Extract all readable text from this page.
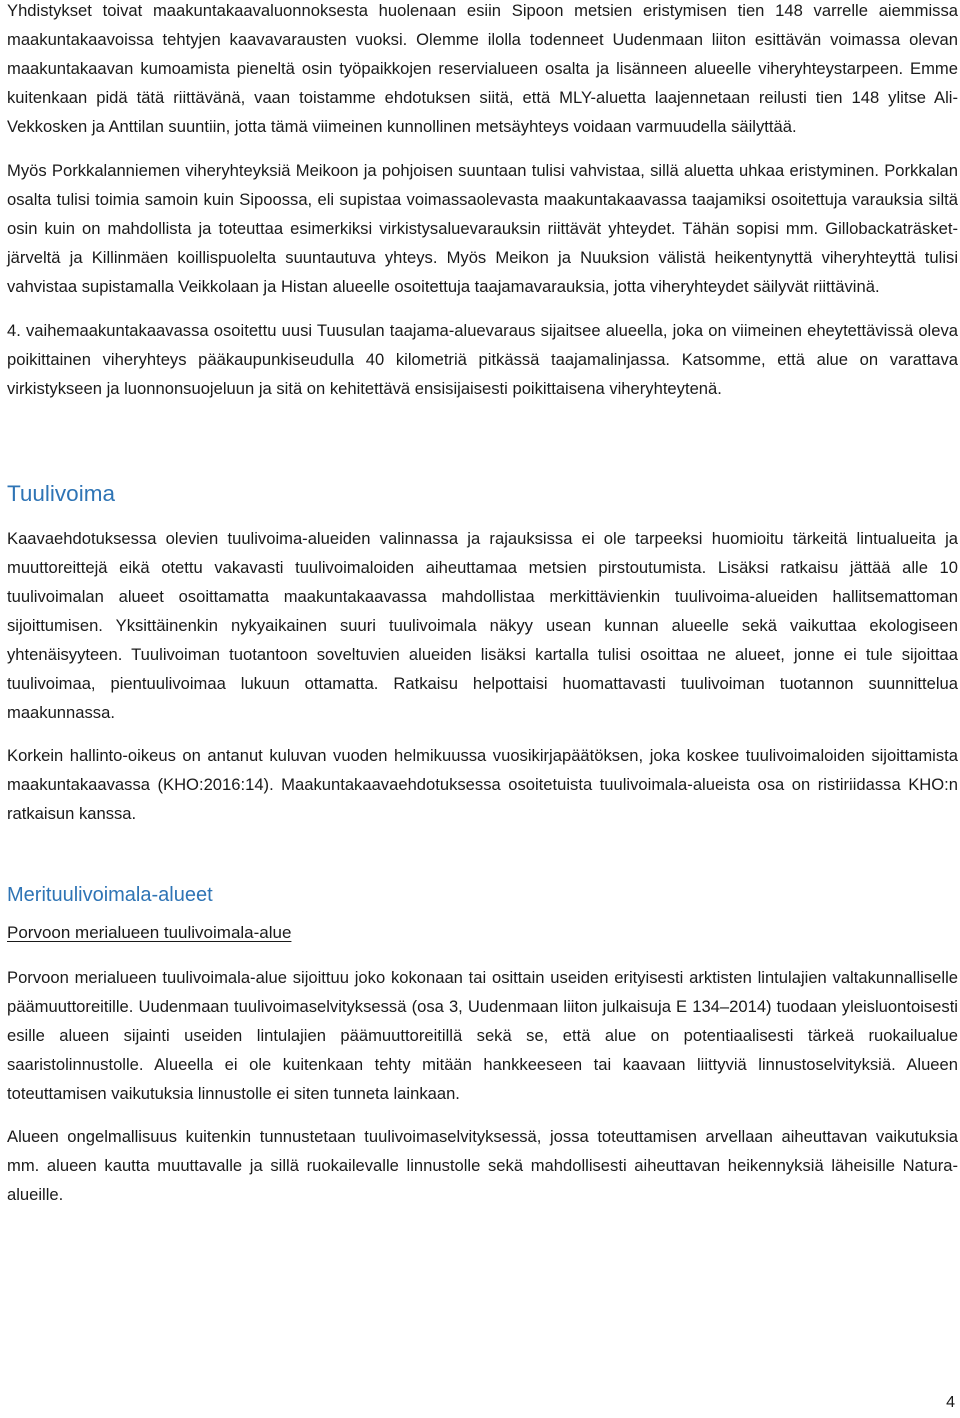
Yhdistykset toivat maakuntakaavaluonnoksesta huolenaan esiin Sipoon metsien eristymisen tien 148 varrelle aiemmissa maakuntakaavoissa tehtyjen kaavavarausten vuoksi. Olemme ilolla todenneet Uudenmaan liiton esittävän voimassa olevan maakuntakaavan kumoamista pieneltä osin työpaikkojen reservialueen osalta ja lisänneen alueelle viheryhteystarpeen. Emme kuitenkaan pidä tätä riittävänä, vaan toistamme ehdotuksen siitä, että MLY-aluetta laajennetaan reilusti tien 148 ylitse Ali-Vekkosken ja Anttilan suuntiin, jotta tämä viimeinen kunnollinen metsäyhteys voidaan varmuudella säilyttää.

Myös Porkkalanniemen viheryhteyksiä Meikoon ja pohjoisen suuntaan tulisi vahvistaa, sillä aluetta uhkaa eristyminen. Porkkalan osalta tulisi toimia samoin kuin Sipoossa, eli supistaa voimassaolevasta maakuntakaavassa taajamiksi osoitettuja varauksia siltä osin kuin on mahdollista ja toteuttaa esimerkiksi virkistysaluevarauksin riittävät yhteydet. Tähän sopisi mm. Gillobackaträsket-järveltä ja Killinmäen koillispuolelta suuntautuva yhteys. Myös Meikon ja Nuuksion välistä heikentynyttä viheryhteyttä tulisi vahvistaa supistamalla Veikkolaan ja Histan alueelle osoitettuja taajamavarauksia, jotta viheryhteydet säilyvät riittävinä.

4. vaihemaakuntakaavassa osoitettu uusi Tuusulan taajama-aluevaraus sijaitsee alueella, joka on viimeinen eheytettävissä oleva poikittainen viheryhteys pääkaupunkiseudulla 40 kilometriä pitkässä taajamalinjassa. Katsomme, että alue on varattava virkistykseen ja luonnonsuojeluun ja sitä on kehitettävä ensisijaisesti poikittaisena viheryhteytenä.

Tuulivoima

Kaavaehdotuksessa olevien tuulivoima-alueiden valinnassa ja rajauksissa ei ole tarpeeksi huomioitu tärkeitä lintualueita ja muuttoreittejä eikä otettu vakavasti tuulivoimaloiden aiheuttamaa metsien pirstoutumista. Lisäksi ratkaisu jättää alle 10 tuulivoimalan alueet osoittamatta maakuntakaavassa mahdollistaa merkittävienkin tuulivoima-alueiden hallitsemattoman sijoittumisen. Yksittäinenkin nykyaikainen suuri tuulivoimala näkyy usean kunnan alueelle sekä vaikuttaa ekologiseen yhtenäisyyteen. Tuulivoiman tuotantoon soveltuvien alueiden lisäksi kartalla tulisi osoittaa ne alueet, jonne ei tule sijoittaa tuulivoimaa, pientuulivoimaa lukuun ottamatta. Ratkaisu helpottaisi huomattavasti tuulivoiman tuotannon suunnittelua maakunnassa.

Korkein hallinto-oikeus on antanut kuluvan vuoden helmikuussa vuosikirjapäätöksen, joka koskee tuulivoimaloiden sijoittamista maakuntakaavassa (KHO:2016:14). Maakuntakaavaehdotuksessa osoitetuista tuulivoimala-alueista osa on ristiriidassa KHO:n ratkaisun kanssa.

Merituulivoimala-alueet
Porvoon merialueen tuulivoimala-alue

Porvoon merialueen tuulivoimala-alue sijoittuu joko kokonaan tai osittain useiden erityisesti arktisten lintulajien valtakunnalliselle päämuuttoreitille. Uudenmaan tuulivoimaselvityksessä (osa 3, Uudenmaan liiton julkaisuja E 134–2014) tuodaan yleisluontoisesti esille alueen sijainti useiden lintulajien päämuuttoreitillä sekä se, että alue on potentiaalisesti tärkeä ruokailualue saaristolinnustolle. Alueella ei ole kuitenkaan tehty mitään hankkeeseen tai kaavaan liittyviä linnustoselvityksiä. Alueen toteuttamisen vaikutuksia linnustolle ei siten tunneta lainkaan.

Alueen ongelmallisuus kuitenkin tunnustetaan tuulivoimaselvityksessä, jossa toteuttamisen arvellaan aiheuttavan vaikutuksia mm. alueen kautta muuttavalle ja sillä ruokailevalle linnustolle sekä mahdollisesti aiheuttavan heikennyksiä läheisille Natura-alueille.

4
